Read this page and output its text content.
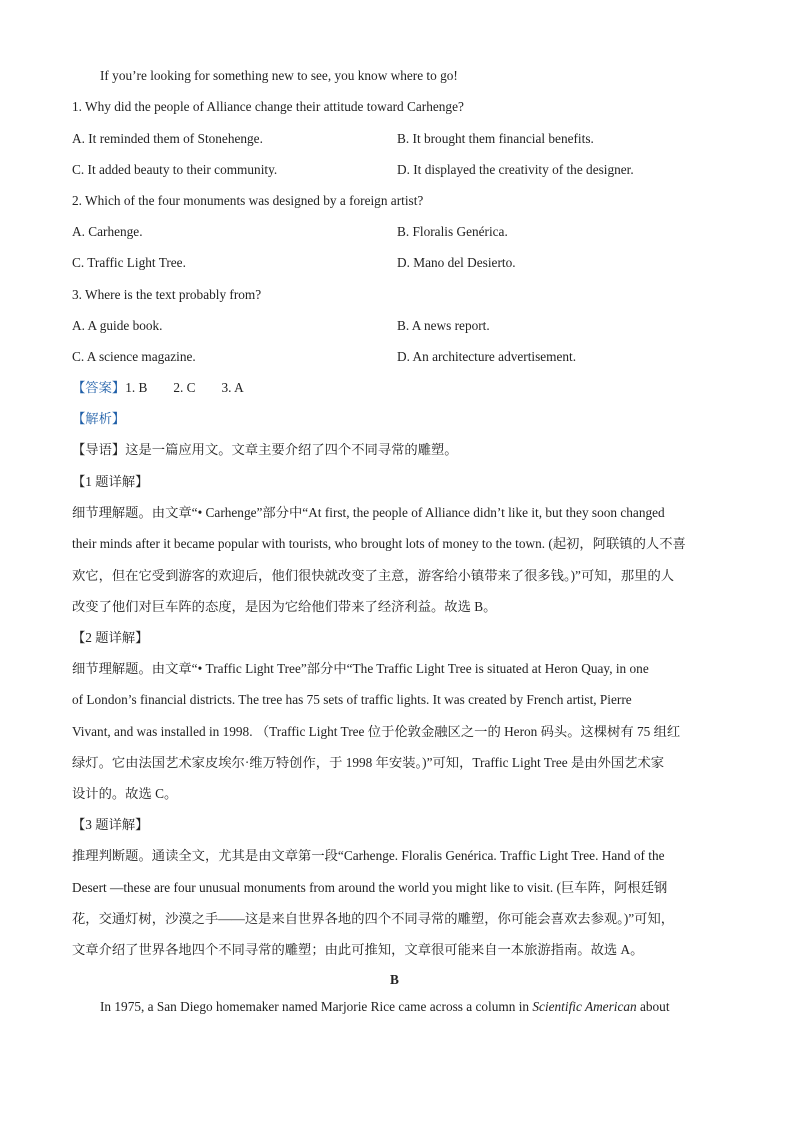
If you’re looking for something new to see, you know where to go!
1. Why did the people of Alliance change their attitude toward Carhenge?
A. It reminded them of Stonehenge.	B. It brought them financial benefits.
C. It added beauty to their community.	D. It displayed the creativity of the designer.
2. Which of the four monuments was designed by a foreign artist?
A. Carhenge.	B. Floralis Genérica.
C. Traffic Light Tree.	D. Mano del Desierto.
3. Where is the text probably from?
A. A guide book.	B. A news report.
C. A science magazine.	D. An architecture advertisement.
【答案】1. B 2. C 3. A
【解析】
【导语】这是一篇应用文。文章主要介绍了四个不同寻常的雕塑。
【1 题详解】
细节理解题。由文章“• Carhenge”部分中“At first, the people of Alliance didn’t like it, but they soon changed
their minds after it became popular with tourists, who brought lots of money to the town. (起初，阿联镇的人不喜
欢它，但在它受到游客的欢迎后，他们很快就改变了主意，游客给小镇带来了很多钱。)”可知，那里的人
改变了他们对巨车阵的态度，是因为它给他们带来了经济利益。故选 B。
【2 题详解】
细节理解题。由文章“• Traffic Light Tree”部分中“The Traffic Light Tree is situated at Heron Quay, in one
of London’s financial districts. The tree has 75 sets of traffic lights. It was created by French artist, Pierre
Vivant, and was installed in 1998. （Traffic Light Tree 位于伦敦金融区之一的 Heron 码头。这棵树有 75 组红
绿灯。它由法国艺术家皮埃尔·维万特创作，于 1998 年安装。)”可知，Traffic Light Tree 是由外国艺术家
设计的。故选 C。
【3 题详解】
推理判断题。通读全文，尤其是由文章第一段“Carhenge. Floralis Genérica. Traffic Light Tree. Hand of the
Desert —these are four unusual monuments from around the world you might like to visit. (巨车阵，阿根廷钢
花，交通灯树，沙漠之手——这是来自世界各地的四个不同寻常的雕塑，你可能会喜欢去参观。)”可知，
文章介绍了世界各地四个不同寻常的雕塑；由此可推知，文章很可能来自一本旅游指南。故选 A。
B
In 1975, a San Diego homemaker named Marjorie Rice came across a column in Scientific American about
